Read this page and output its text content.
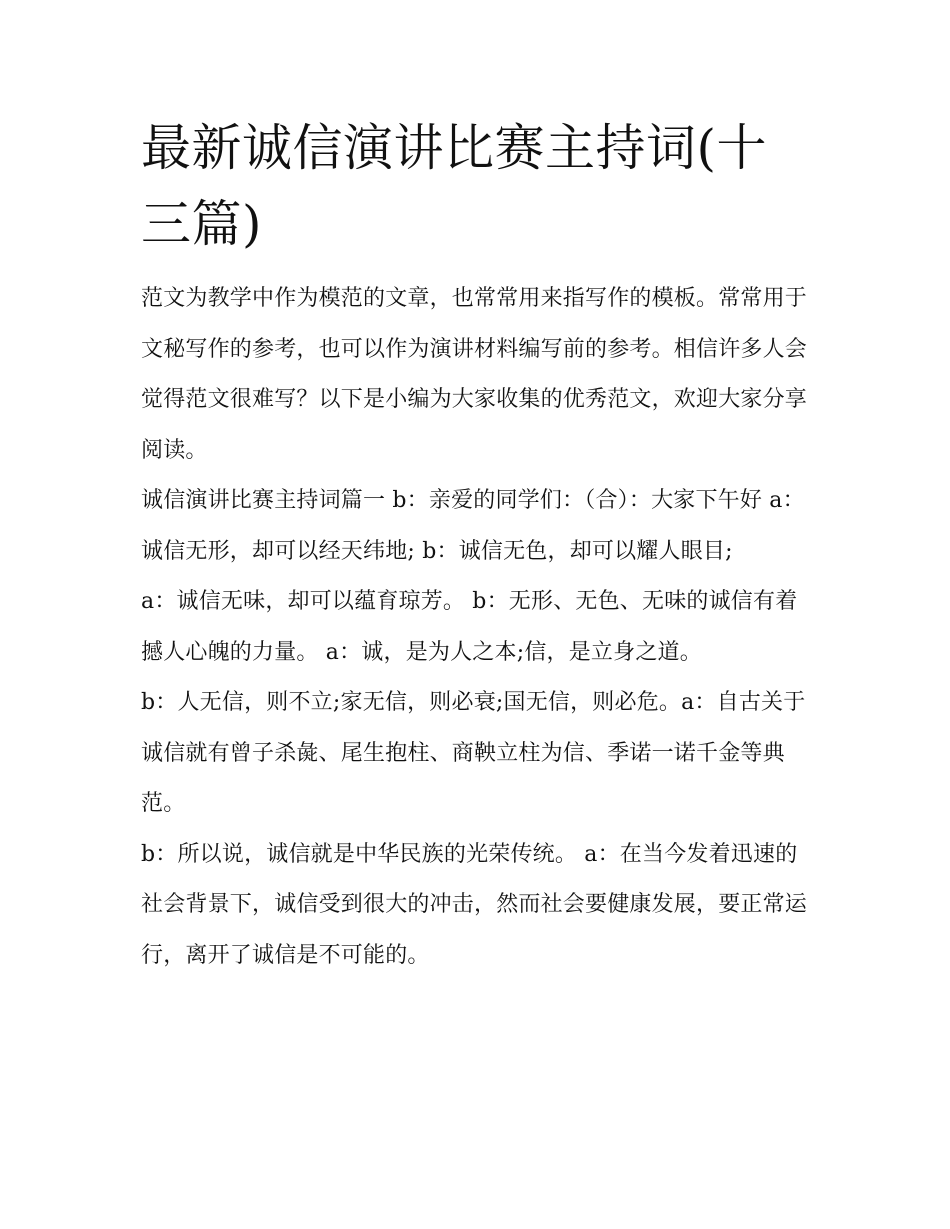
最新诚信演讲比赛主持词(十三篇)

范文为教学中作为模范的文章，也常常用来指写作的模板。常常用于文秘写作的参考，也可以作为演讲材料编写前的参考。相信许多人会觉得范文很难写？以下是小编为大家收集的优秀范文，欢迎大家分享阅读。

诚信演讲比赛主持词篇一 b：亲爱的同学们：（合）：大家下午好 a：诚信无形，却可以经天纬地; b：诚信无色，却可以耀人眼目;

a：诚信无味，却可以蕴育琼芳。 b：无形、无色、无味的诚信有着撼人心魄的力量。 a：诚，是为人之本;信，是立身之道。

b：人无信，则不立;家无信，则必衰;国无信，则必危。a：自古关于诚信就有曾子杀彘、尾生抱柱、商鞅立柱为信、季诺一诺千金等典范。

b：所以说，诚信就是中华民族的光荣传统。 a：在当今发着迅速的社会背景下，诚信受到很大的冲击，然而社会要健康发展，要正常运行，离开了诚信是不可能的。
